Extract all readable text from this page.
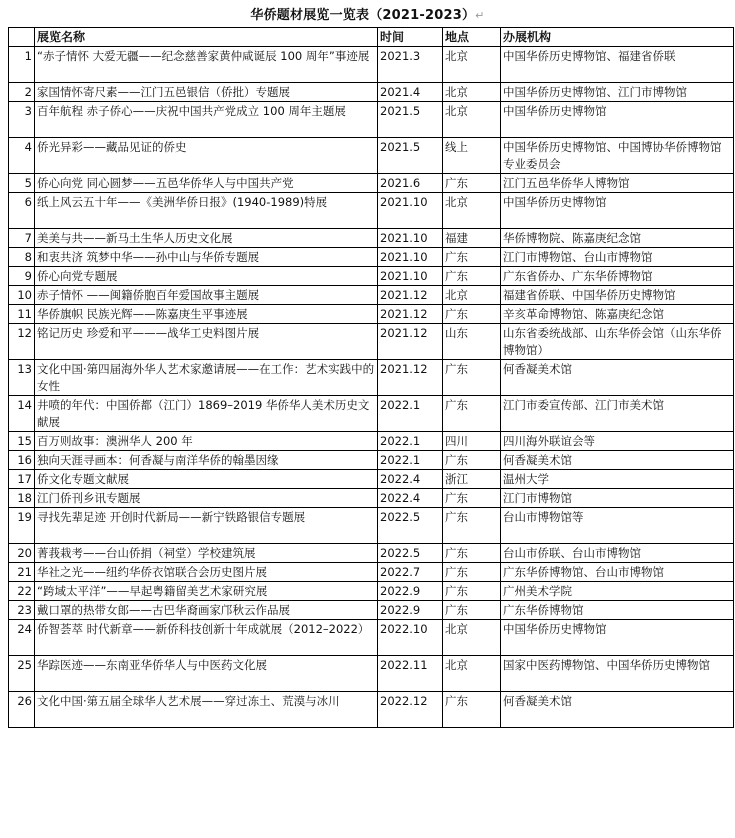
华侨题材展览一览表（2021-2023）↵
	展览名称	时间	地点	办展机构
1	“赤子情怀 大爱无疆——纪念慈善家黄仲咸诞辰 100 周年”事迹展	2021.3	北京	中国华侨历史博物馆、福建省侨联
2	家国情怀寄尺素——江门五邑银信（侨批）专题展	2021.4	北京	中国华侨历史博物馆、江门市博物馆
3	百年航程 赤子侨心——庆祝中国共产党成立 100 周年主题展	2021.5	北京	中国华侨历史博物馆
4	侨光异彩——藏品见证的侨史	2021.5	线上	中国华侨历史博物馆、中国博协华侨博物馆专业委员会
5	侨心向党 同心圆梦——五邑华侨华人与中国共产党	2021.6	广东	江门五邑华侨华人博物馆
6	纸上风云五十年——《美洲华侨日报》(1940-1989)特展	2021.10	北京	中国华侨历史博物馆
7	美美与共——新马土生华人历史文化展	2021.10	福建	华侨博物院、陈嘉庚纪念馆
8	和衷共济 筑梦中华——孙中山与华侨专题展	2021.10	广东	江门市博物馆、台山市博物馆
9	侨心向党专题展	2021.10	广东	广东省侨办、广东华侨博物馆
10	赤子情怀 ——闽籍侨胞百年爱国故事主题展	2021.12	北京	福建省侨联、中国华侨历史博物馆
11	华侨旗帜 民族光辉——陈嘉庚生平事迹展	2021.12	广东	辛亥革命博物馆、陈嘉庚纪念馆
12	铭记历史 珍爱和平———战华工史料图片展	2021.12	山东	山东省委统战部、山东华侨会馆（山东华侨博物馆）
13	文化中国·第四届海外华人艺术家邀请展——在工作：艺术实践中的女性	2021.12	广东	何香凝美术馆
14	井喷的年代：中国侨都（江门）1869–2019 华侨华人美术历史文献展	2022.1	广东	江门市委宣传部、江门市美术馆
15	百万则故事：澳洲华人 200 年	2022.1	四川	四川海外联谊会等
16	独向天涯寻画本：何香凝与南洋华侨的翰墨因缘	2022.1	广东	何香凝美术馆
17	侨文化专题文献展	2022.4	浙江	温州大学
18	江门侨刊乡讯专题展	2022.4	广东	江门市博物馆
19	寻找先辈足迹 开创时代新局——新宁铁路银信专题展	2022.5	广东	台山市博物馆等
20	菁莪栽考——台山侨捐（祠堂）学校建筑展	2022.5	广东	台山市侨联、台山市博物馆
21	华社之光——纽约华侨衣馆联合会历史图片展	2022.7	广东	广东华侨博物馆、台山市博物馆
22	“跨域太平洋”——早起粤籍留美艺术家研究展	2022.9	广东	广州美术学院
23	戴口罩的热带女郎——古巴华裔画家邝秋云作品展	2022.9	广东	广东华侨博物馆
24	侨智荟萃 时代新章——新侨科技创新十年成就展（2012–2022）	2022.10	北京	中国华侨历史博物馆
25	华踪医迹——东南亚华侨华人与中医药文化展	2022.11	北京	国家中医药博物馆、中国华侨历史博物馆
26	文化中国·第五届全球华人艺术展——穿过冻土、荒漠与冰川	2022.12	广东	何香凝美术馆
